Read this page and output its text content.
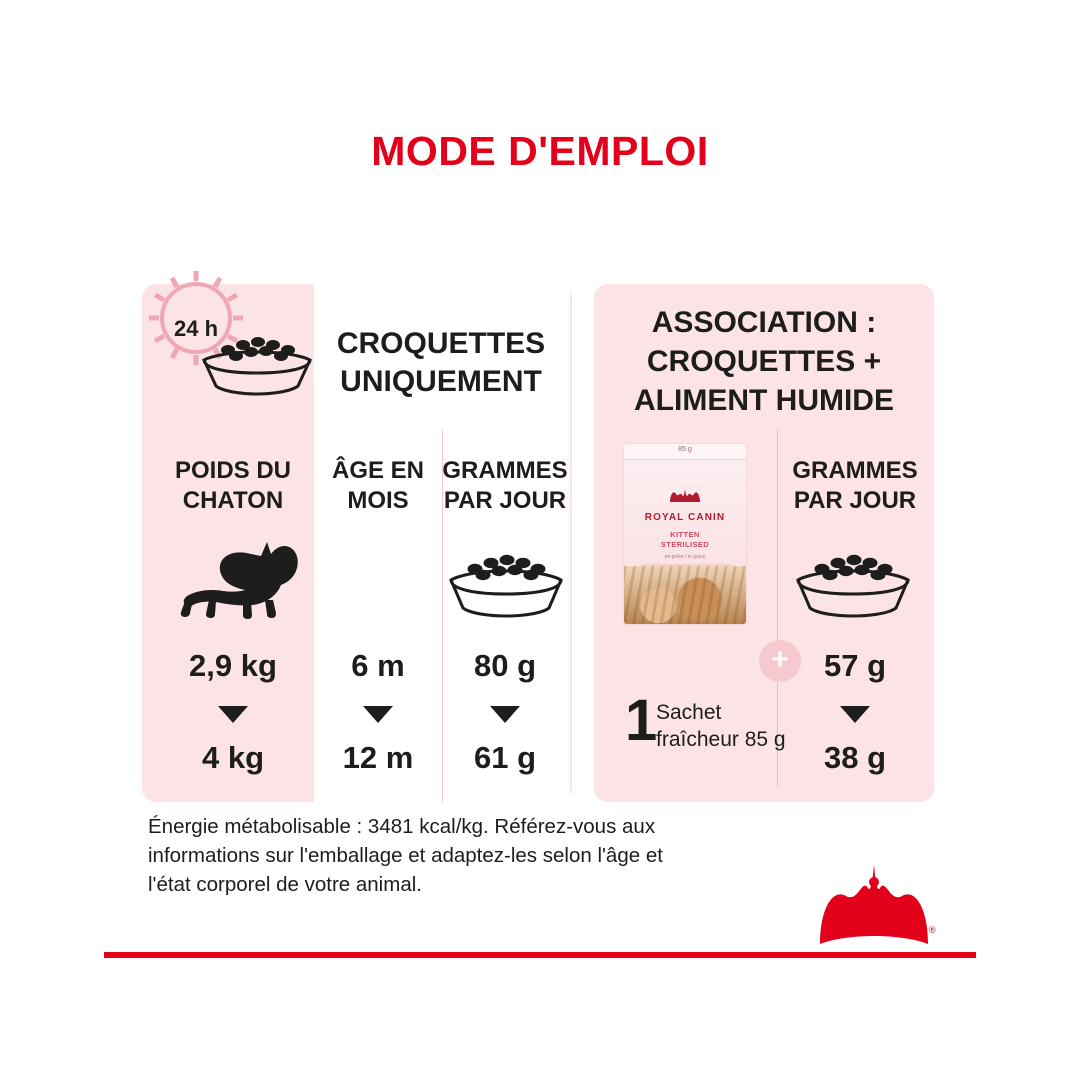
MODE D'EMPLOI
24 h	CROQUETTES
UNIQUEMENT
ASSOCIATION :
CROQUETTES +
ALIMENT HUMIDE
POIDS DU
CHATON
ÂGE EN
MOIS
GRAMMES
PAR JOUR
GRAMMES
PAR JOUR
85 g
ROYAL CANIN
KITTEN
STERILISED
en gelée / in gravy
+
2,9 kg	6 m	80 g	57 g
4 kg	12 m	61 g	38 g
1
Sachet
fraîcheur 85 g
Énergie métabolisable : 3481 kcal/kg. Référez-vous aux informations sur l'emballage et adaptez-les selon l'âge et l'état corporel de votre animal.
®
